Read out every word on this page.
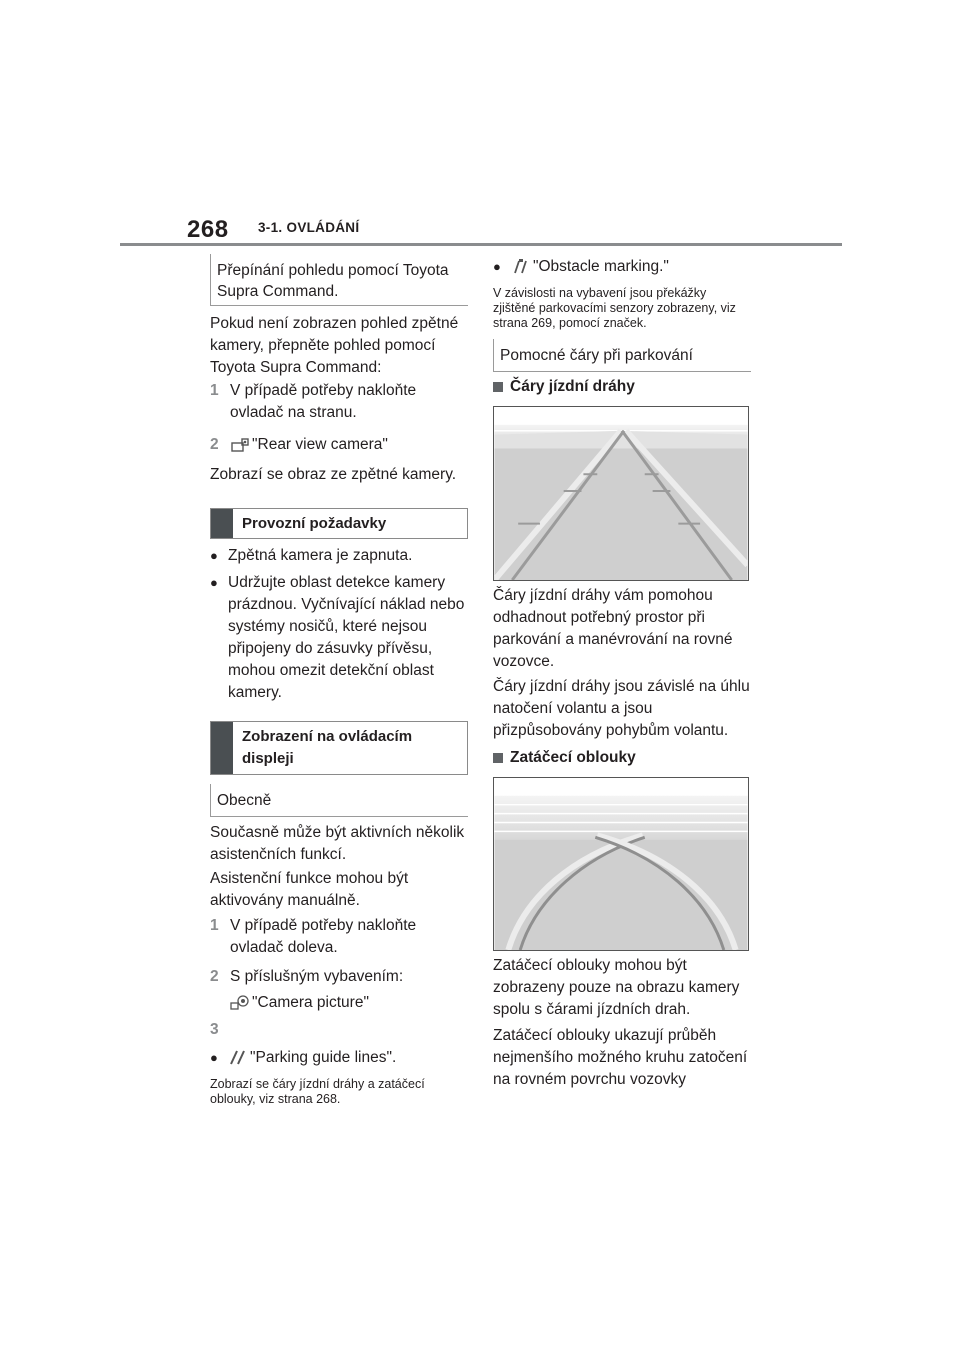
268 3-1. OVLÁDÁNÍ
Přepínání pohledu pomocí Toyota Supra Command.
Pokud není zobrazen pohled zpětné kamery, přepněte pohled pomocí Toyota Supra Command:
1 V případě potřeby nakloňte ovladač na stranu.
2	"Rear view camera"
Zobrazí se obraz ze zpětné kamery.
Provozní požadavky
● Zpětná kamera je zapnuta.
● Udržujte oblast detekce kamery prázdnou. Vyčnívající náklad nebo systémy nosičů, které nejsou připojeny do zásuvky přívěsu, mohou omezit detekční oblast kamery.
Zobrazení na ovládacím displeji
Obecně
Současně může být aktivních několik asistenčních funkcí.
Asistenční funkce mohou být aktivovány manuálně.
1 V případě potřeby nakloňte ovladač doleva.
2 S příslušným vybavením:
"Camera picture"
3
●	"Parking guide lines".
Zobrazí se čáry jízdní dráhy a zatáčecí oblouky, viz strana 268.
●	"Obstacle marking."
V závislosti na vybavení jsou překážky zjištěné parkovacími senzory zobrazeny, viz strana 269, pomocí značek.
Pomocné čáry při parkování
Čáry jízdní dráhy
Čáry jízdní dráhy vám pomohou odhadnout potřebný prostor při parkování a manévrování na rovné vozovce.
Čáry jízdní dráhy jsou závislé na úhlu natočení volantu a jsou přizpůsobovány pohybům volantu.
Zatáčecí oblouky
Zatáčecí oblouky mohou být zobrazeny pouze na obrazu kamery spolu s čárami jízdních drah.
Zatáčecí oblouky ukazují průběh nejmenšího možného kruhu zatočení na rovném povrchu vozovky
